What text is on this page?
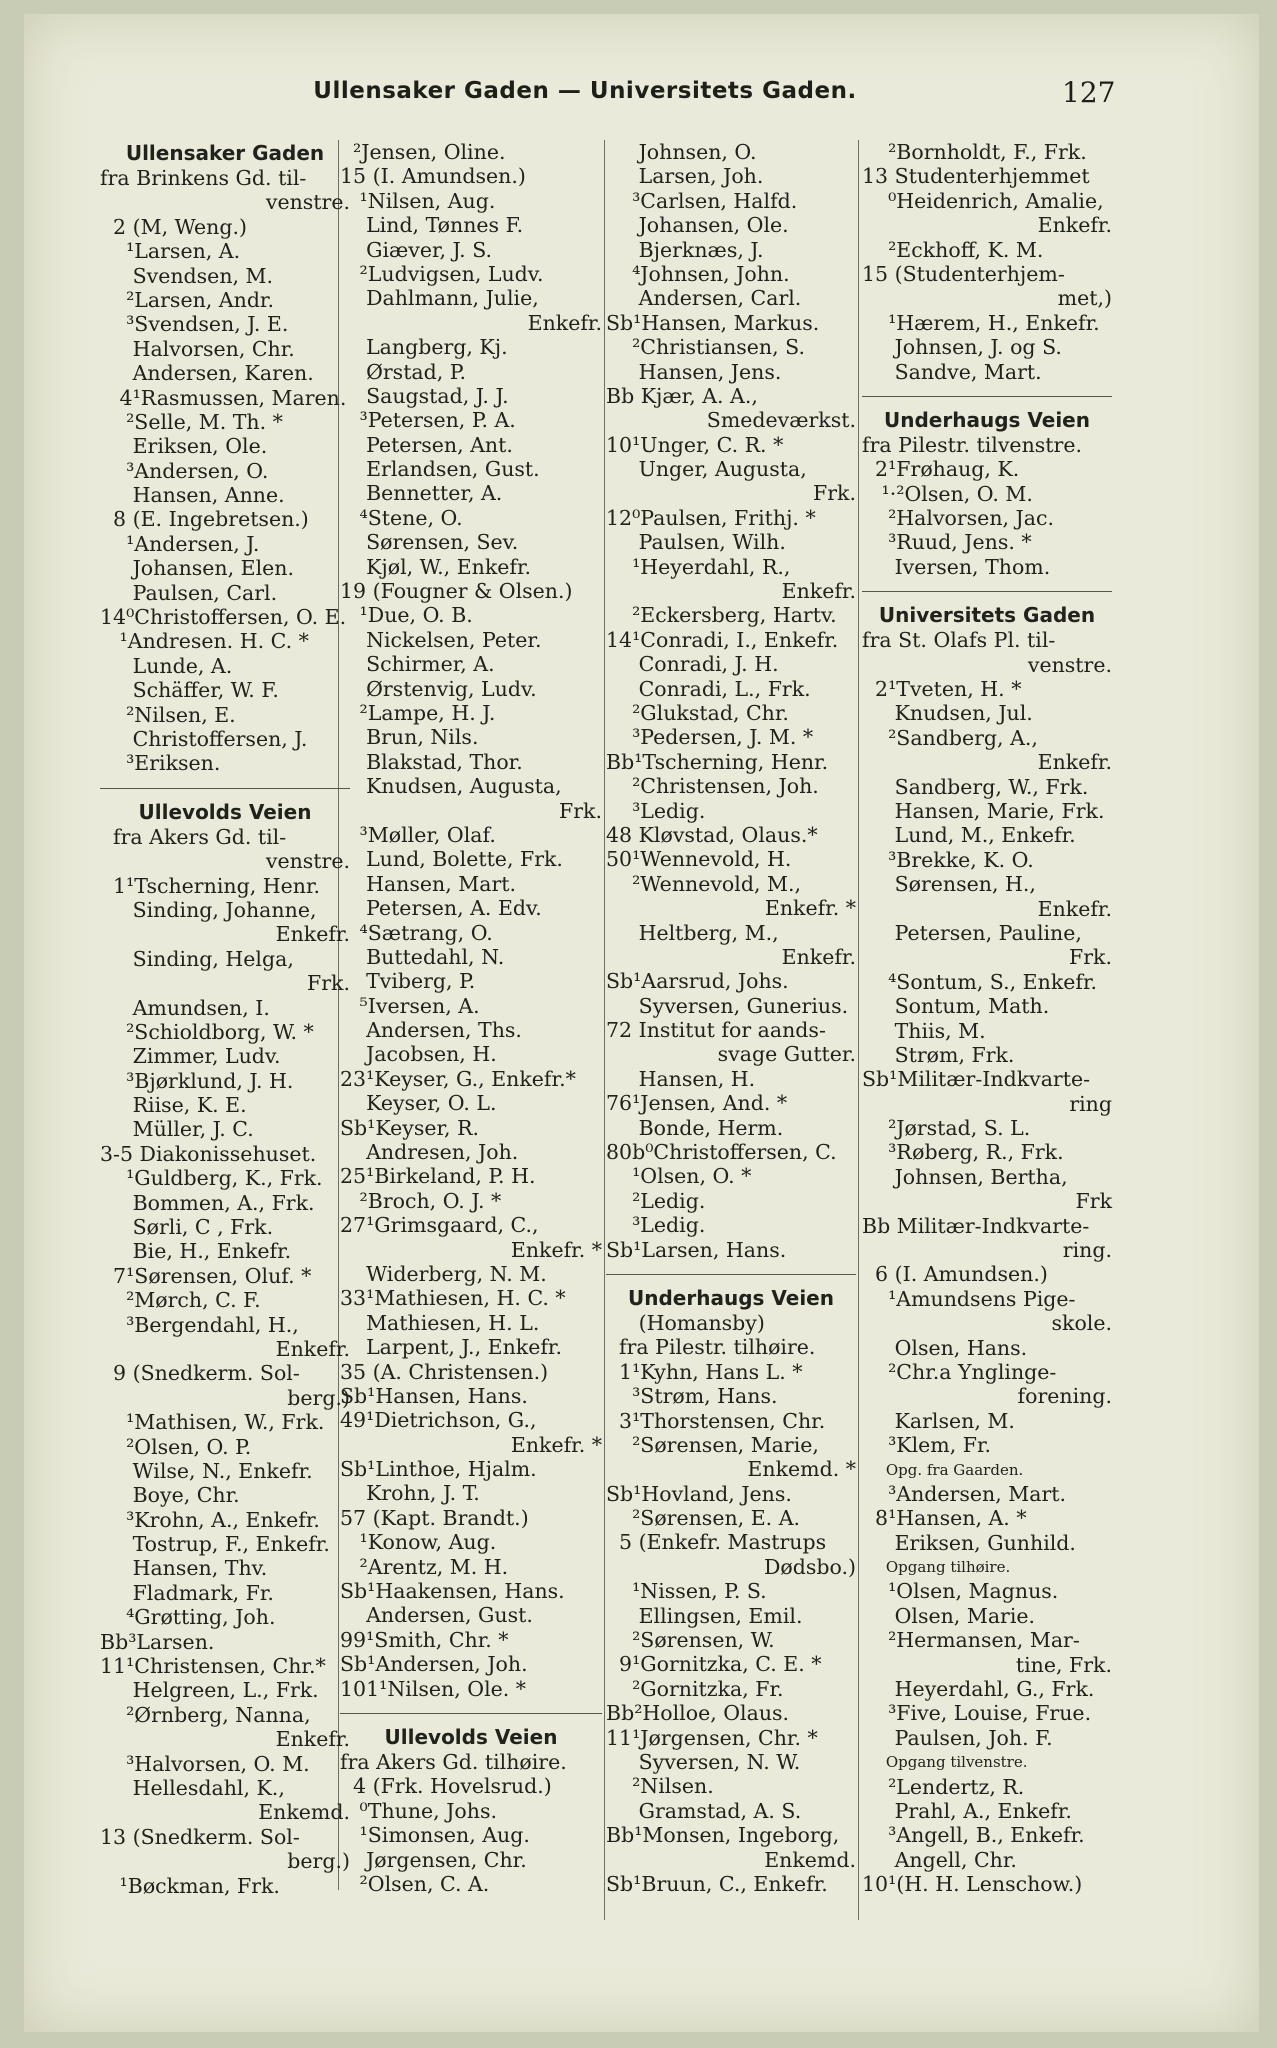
Ullensaker Gaden — Universitets Gaden.	127
Ullensaker Gaden
fra Brinkens Gd. til-
venstre.
2 (M, Weng.)
¹Larsen, A.
Svendsen, M.
²Larsen, Andr.
³Svendsen, J. E.
Halvorsen, Chr.
Andersen, Karen.
4¹Rasmussen, Maren.
²Selle, M. Th. *
Eriksen, Ole.
³Andersen, O.
Hansen, Anne.
8 (E. Ingebretsen.)
¹Andersen, J.
Johansen, Elen.
Paulsen, Carl.
14⁰Christoffersen, O. E.
¹Andresen. H. C. *
Lunde, A.
Schäffer, W. F.
²Nilsen, E.
Christoffersen, J.
³Eriksen.
Ullevolds Veien
fra Akers Gd. til-
venstre.
1¹Tscherning, Henr.
Sinding, Johanne,
Enkefr.
Sinding, Helga,
Frk.
Amundsen, I.
²Schioldborg, W. *
Zimmer, Ludv.
³Bjørklund, J. H.
Riise, K. E.
Müller, J. C.
3-5 Diakonissehuset.
¹Guldberg, K., Frk.
Bommen, A., Frk.
Sørli, C , Frk.
Bie, H., Enkefr.
7¹Sørensen, Oluf. *
²Mørch, C. F.
³Bergendahl, H.,
Enkefr.
9 (Snedkerm. Sol-
berg.)
¹Mathisen, W., Frk.
²Olsen, O. P.
Wilse, N., Enkefr.
Boye, Chr.
³Krohn, A., Enkefr.
Tostrup, F., Enkefr.
Hansen, Thv.
Fladmark, Fr.
⁴Grøtting, Joh.
Bb³Larsen.
11¹Christensen, Chr.*
Helgreen, L., Frk.
²Ørnberg, Nanna,
Enkefr.
³Halvorsen, O. M.
Hellesdahl, K.,
Enkemd.
13 (Snedkerm. Sol-
berg.)
¹Bøckman, Frk.
²Jensen, Oline.
15 (I. Amundsen.)
¹Nilsen, Aug.
Lind, Tønnes F.
Giæver, J. S.
²Ludvigsen, Ludv.
Dahlmann, Julie,
Enkefr.
Langberg, Kj.
Ørstad, P.
Saugstad, J. J.
³Petersen, P. A.
Petersen, Ant.
Erlandsen, Gust.
Bennetter, A.
⁴Stene, O.
Sørensen, Sev.
Kjøl, W., Enkefr.
19 (Fougner & Olsen.)
¹Due, O. B.
Nickelsen, Peter.
Schirmer, A.
Ørstenvig, Ludv.
²Lampe, H. J.
Brun, Nils.
Blakstad, Thor.
Knudsen, Augusta,
Frk.
³Møller, Olaf.
Lund, Bolette, Frk.
Hansen, Mart.
Petersen, A. Edv.
⁴Sætrang, O.
Buttedahl, N.
Tviberg, P.
⁵Iversen, A.
Andersen, Ths.
Jacobsen, H.
23¹Keyser, G., Enkefr.*
Keyser, O. L.
Sb¹Keyser, R.
Andresen, Joh.
25¹Birkeland, P. H.
²Broch, O. J. *
27¹Grimsgaard, C.,
Enkefr. *
Widerberg, N. M.
33¹Mathiesen, H. C. *
Mathiesen, H. L.
Larpent, J., Enkefr.
35 (A. Christensen.)
Sb¹Hansen, Hans.
49¹Dietrichson, G.,
Enkefr. *
Sb¹Linthoe, Hjalm.
Krohn, J. T.
57 (Kapt. Brandt.)
¹Konow, Aug.
²Arentz, M. H.
Sb¹Haakensen, Hans.
Andersen, Gust.
99¹Smith, Chr. *
Sb¹Andersen, Joh.
101¹Nilsen, Ole. *
Ullevolds Veien
fra Akers Gd. tilhøire.
4 (Frk. Hovelsrud.)
⁰Thune, Johs.
¹Simonsen, Aug.
Jørgensen, Chr.
²Olsen, C. A.
Johnsen, O.
Larsen, Joh.
³Carlsen, Halfd.
Johansen, Ole.
Bjerknæs, J.
⁴Johnsen, John.
Andersen, Carl.
Sb¹Hansen, Markus.
²Christiansen, S.
Hansen, Jens.
Bb Kjær, A. A.,
Smedeværkst.
10¹Unger, C. R. *
Unger, Augusta,
Frk.
12⁰Paulsen, Frithj. *
Paulsen, Wilh.
¹Heyerdahl, R.,
Enkefr.
²Eckersberg, Hartv.
14¹Conradi, I., Enkefr.
Conradi, J. H.
Conradi, L., Frk.
²Glukstad, Chr.
³Pedersen, J. M. *
Bb¹Tscherning, Henr.
²Christensen, Joh.
³Ledig.
48 Kløvstad, Olaus.*
50¹Wennevold, H.
²Wennevold, M.,
Enkefr. *
Heltberg, M.,
Enkefr.
Sb¹Aarsrud, Johs.
Syversen, Gunerius.
72 Institut for aands-
svage Gutter.
Hansen, H.
76¹Jensen, And. *
Bonde, Herm.
80b⁰Christoffersen, C.
¹Olsen, O. *
²Ledig.
³Ledig.
Sb¹Larsen, Hans.
Underhaugs Veien
(Homansby)
fra Pilestr. tilhøire.
1¹Kyhn, Hans L. *
³Strøm, Hans.
3¹Thorstensen, Chr.
²Sørensen, Marie,
Enkemd. *
Sb¹Hovland, Jens.
²Sørensen, E. A.
5 (Enkefr. Mastrups
Dødsbo.)
¹Nissen, P. S.
Ellingsen, Emil.
²Sørensen, W.
9¹Gornitzka, C. E. *
²Gornitzka, Fr.
Bb²Holloe, Olaus.
11¹Jørgensen, Chr. *
Syversen, N. W.
²Nilsen.
Gramstad, A. S.
Bb¹Monsen, Ingeborg,
Enkemd.
Sb¹Bruun, C., Enkefr.
²Bornholdt, F., Frk.
13 Studenterhjemmet
⁰Heidenrich, Amalie,
Enkefr.
²Eckhoff, K. M.
15 (Studenterhjem-
met,)
¹Hærem, H., Enkefr.
Johnsen, J. og S.
Sandve, Mart.
Underhaugs Veien
fra Pilestr. tilvenstre.
2¹Frøhaug, K.
¹·²Olsen, O. M.
²Halvorsen, Jac.
³Ruud, Jens. *
Iversen, Thom.
Universitets Gaden
fra St. Olafs Pl. til-
venstre.
2¹Tveten, H. *
Knudsen, Jul.
²Sandberg, A.,
Enkefr.
Sandberg, W., Frk.
Hansen, Marie, Frk.
Lund, M., Enkefr.
³Brekke, K. O.
Sørensen, H.,
Enkefr.
Petersen, Pauline,
Frk.
⁴Sontum, S., Enkefr.
Sontum, Math.
Thiis, M.
Strøm, Frk.
Sb¹Militær-Indkvarte-
ring
²Jørstad, S. L.
³Røberg, R., Frk.
Johnsen, Bertha,
Frk
Bb Militær-Indkvarte-
ring.
6 (I. Amundsen.)
¹Amundsens Pige-
skole.
Olsen, Hans.
²Chr.a Ynglinge-
forening.
Karlsen, M.
³Klem, Fr.
Opg. fra Gaarden.
³Andersen, Mart.
8¹Hansen, A. *
Eriksen, Gunhild.
Opgang tilhøire.
¹Olsen, Magnus.
Olsen, Marie.
²Hermansen, Mar-
tine, Frk.
Heyerdahl, G., Frk.
³Five, Louise, Frue.
Paulsen, Joh. F.
Opgang tilvenstre.
²Lendertz, R.
Prahl, A., Enkefr.
³Angell, B., Enkefr.
Angell, Chr.
10¹(H. H. Lenschow.)
